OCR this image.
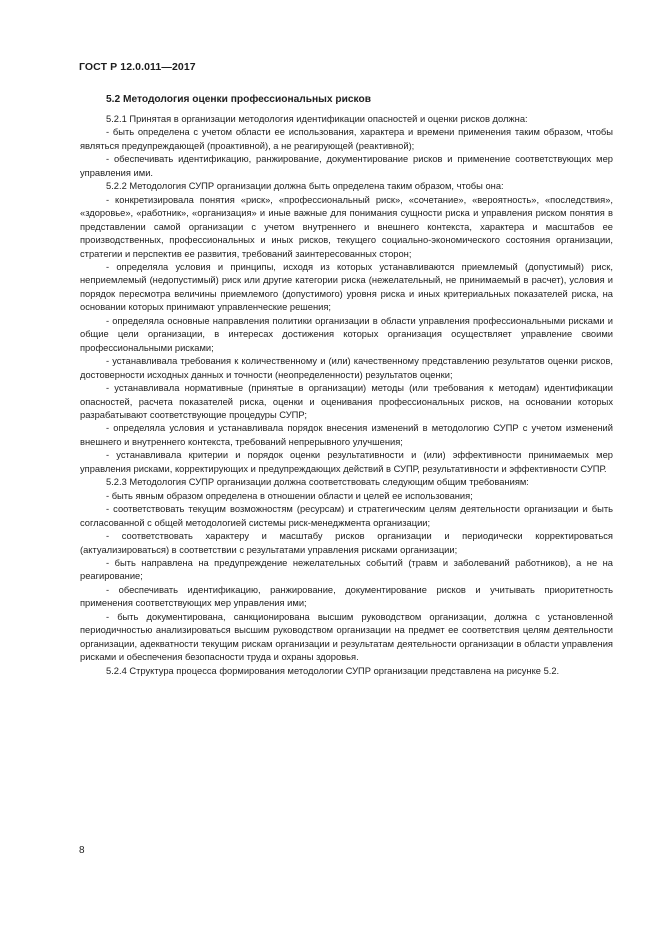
ГОСТ Р 12.0.011—2017
5.2 Методология оценки профессиональных рисков

5.2.1 Принятая в организации методология идентификации опасностей и оценки рисков должна:

- быть определена с учетом области ее использования, характера и времени применения таким образом, чтобы являться предупреждающей (проактивной), а не реагирующей (реактивной);

- обеспечивать идентификацию, ранжирование, документирование рисков и применение соответствующих мер управления ими.

5.2.2 Методология СУПР организации должна быть определена таким образом, чтобы она:

- конкретизировала понятия «риск», «профессиональный риск», «сочетание», «вероятность», «последствия», «здоровье», «работник», «организация» и иные важные для понимания сущности риска и управления риском понятия в представлении самой организации с учетом внутреннего и внешнего контекста, характера и масштабов ее производственных, профессиональных и иных рисков, текущего социально-экономического состояния организации, стратегии и перспектив ее развития, требований заинтересованных сторон;

- определяла условия и принципы, исходя из которых устанавливаются приемлемый (допустимый) риск, неприемлемый (недопустимый) риск или другие категории риска (нежелательный, не принимаемый в расчет), условия и порядок пересмотра величины приемлемого (допустимого) уровня риска и иных критериальных показателей риска, на основании которых принимают управленческие решения;

- определяла основные направления политики организации в области управления профессиональными рисками и общие цели организации, в интересах достижения которых организация осуществляет управление своими профессиональными рисками;

- устанавливала требования к количественному и (или) качественному представлению результатов оценки рисков, достоверности исходных данных и точности (неопределенности) результатов оценки;

- устанавливала нормативные (принятые в организации) методы (или требования к методам) идентификации опасностей, расчета показателей риска, оценки и оценивания профессиональных рисков, на основании которых разрабатывают соответствующие процедуры СУПР;

- определяла условия и устанавливала порядок внесения изменений в методологию СУПР с учетом изменений внешнего и внутреннего контекста, требований непрерывного улучшения;

- устанавливала критерии и порядок оценки результативности и (или) эффективности принимаемых мер управления рисками, корректирующих и предупреждающих действий в СУПР, результативности и эффективности СУПР.

5.2.3 Методология СУПР организации должна соответствовать следующим общим требованиям:

- быть явным образом определена в отношении области и целей ее использования;

- соответствовать текущим возможностям (ресурсам) и стратегическим целям деятельности организации и быть согласованной с общей методологией системы риск-менеджмента организации;

- соответствовать характеру и масштабу рисков организации и периодически корректироваться (актуализироваться) в соответствии с результатами управления рисками организации;

- быть направлена на предупреждение нежелательных событий (травм и заболеваний работников), а не на реагирование;

- обеспечивать идентификацию, ранжирование, документирование рисков и учитывать приоритетность применения соответствующих мер управления ими;

- быть документирована, санкционирована высшим руководством организации, должна с установленной периодичностью анализироваться высшим руководством организации на предмет ее соответствия целям деятельности организации, адекватности текущим рискам организации и результатам деятельности организации в области управления рисками и обеспечения безопасности труда и охраны здоровья.

5.2.4 Структура процесса формирования методологии СУПР организации представлена на рисунке 5.2.

8
